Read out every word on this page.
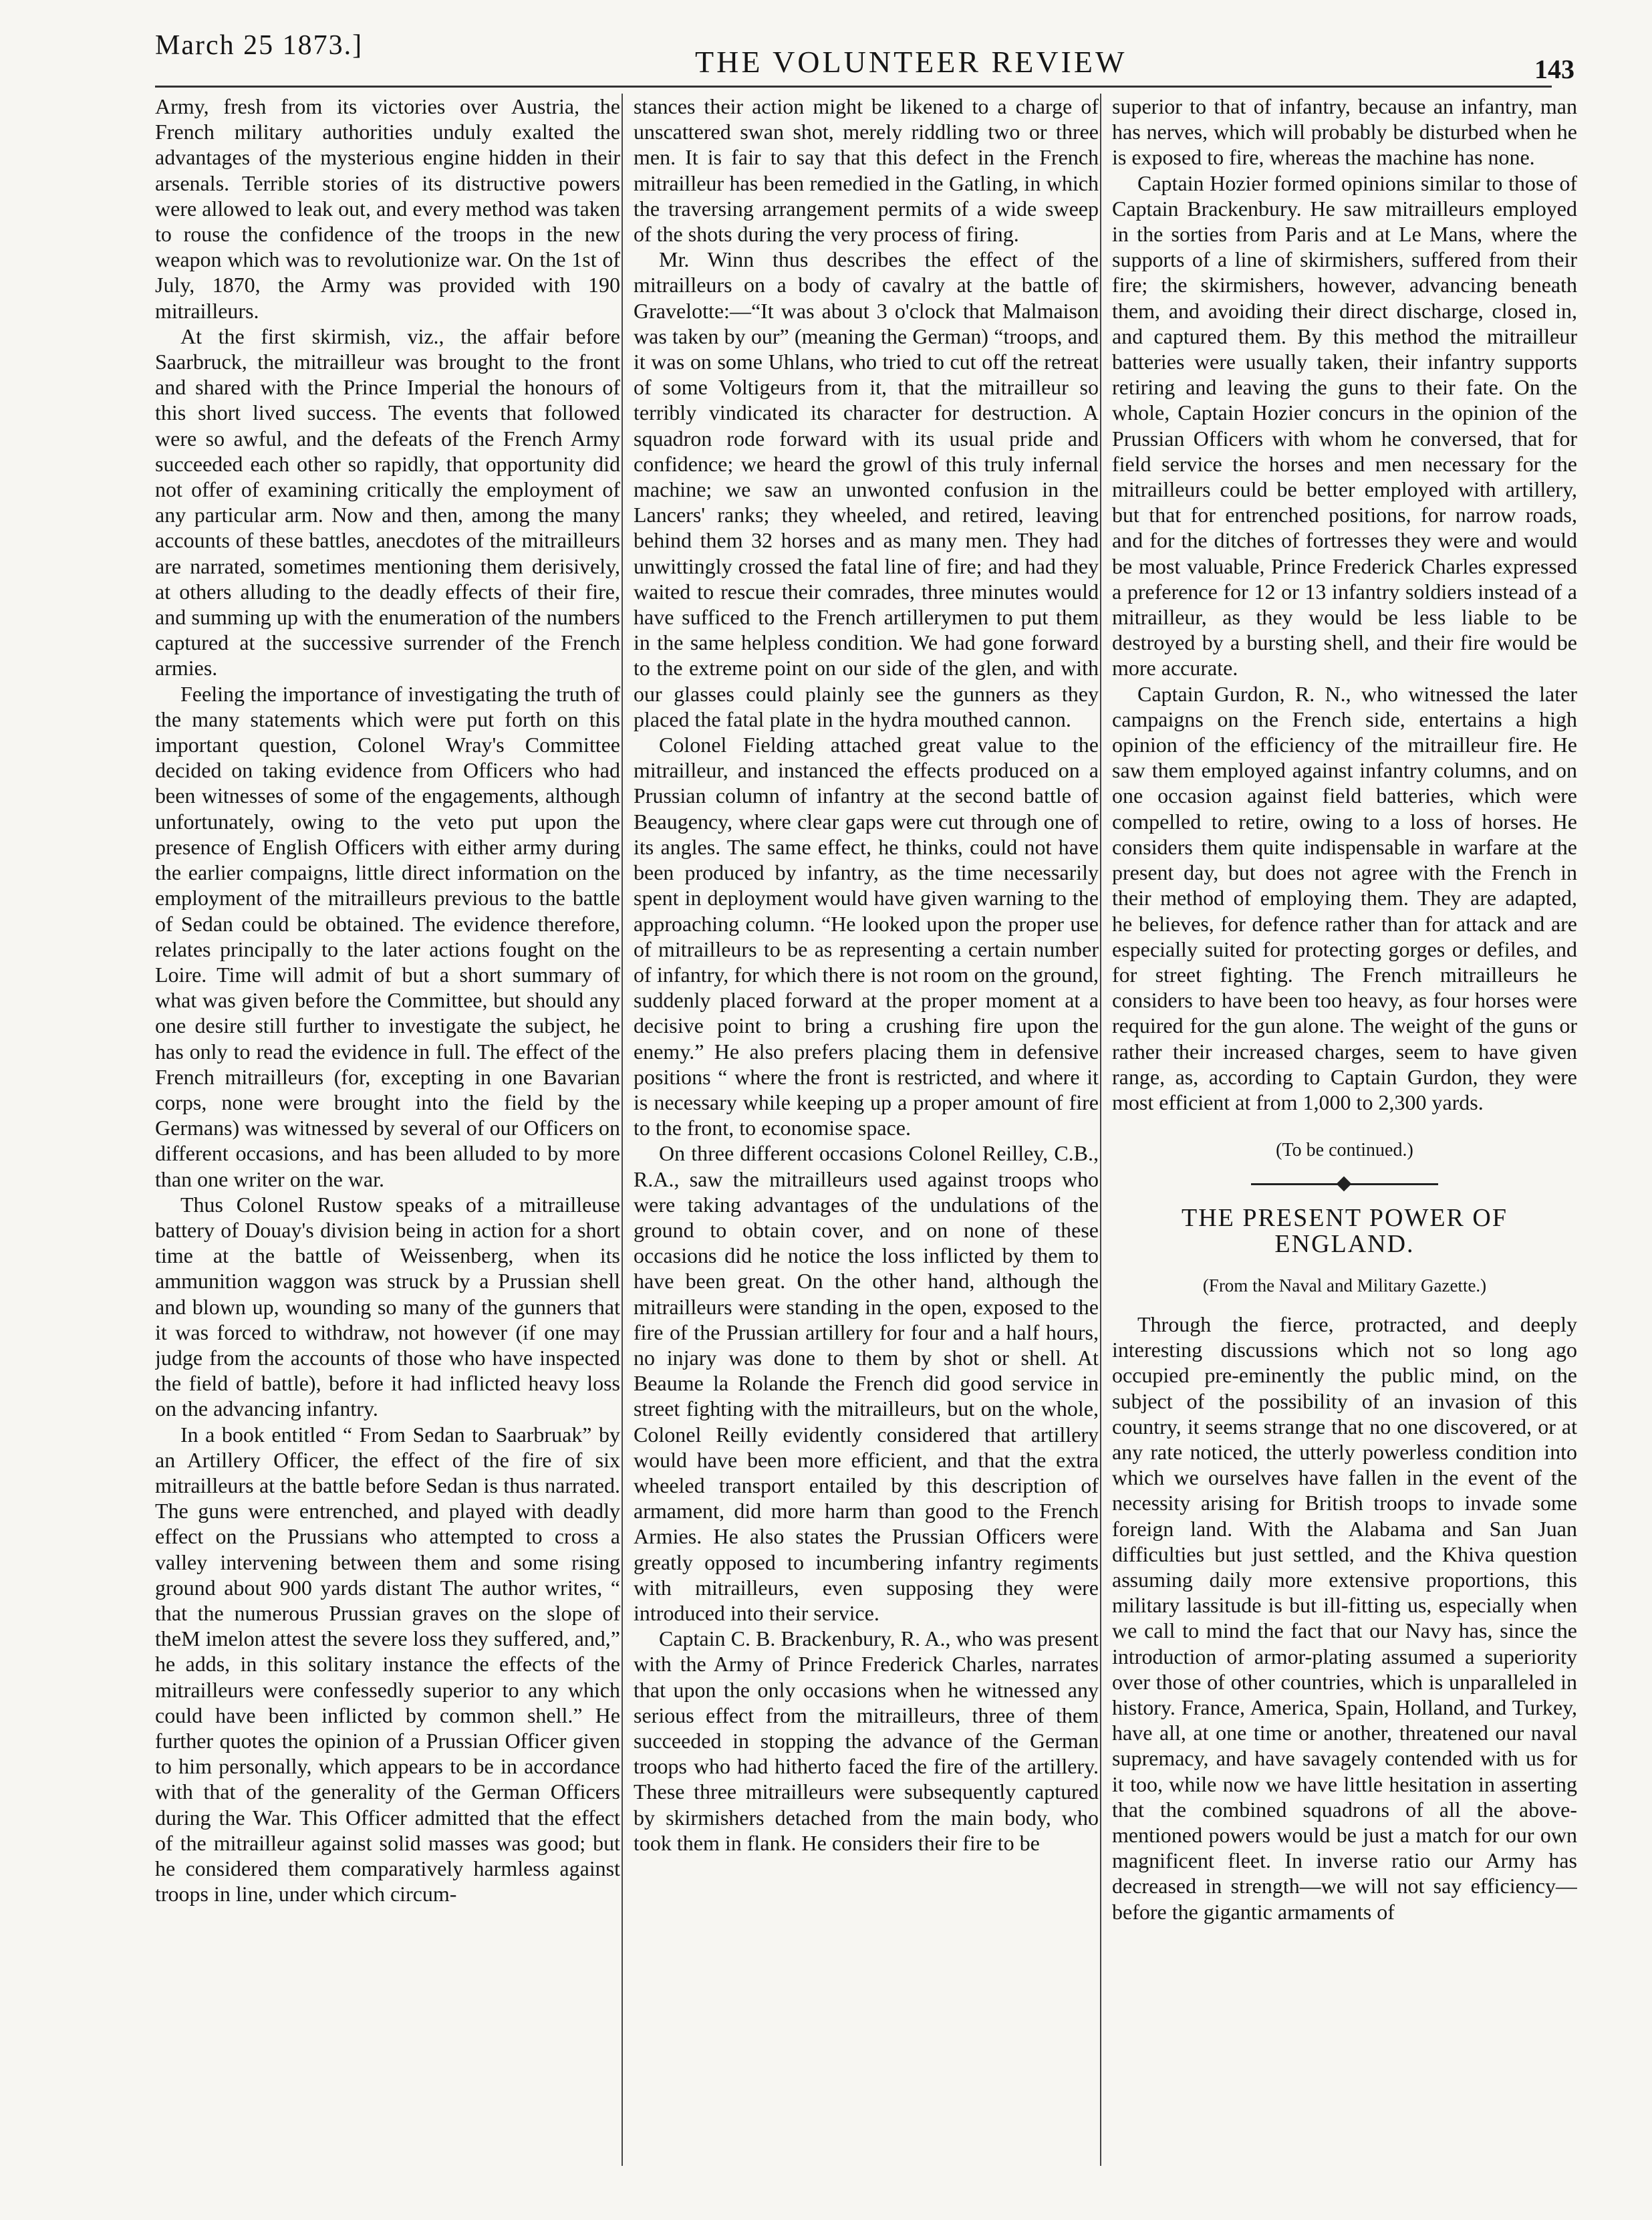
March 25 1873.]	THE VOLUNTEER REVIEW	143

Army, fresh from its victories over Austria, the French military authorities unduly exalted the advantages of the mysterious engine hidden in their arsenals. Terrible stories of its distructive powers were allowed to leak out, and every method was taken to rouse the confidence of the troops in the new weapon which was to revolutionize war. On the 1st of July, 1870, the Army was provided with 190 mitrailleurs.

At the first skirmish, viz., the affair before Saarbruck, the mitrailleur was brought to the front and shared with the Prince Imperial the honours of this short lived success. The events that followed were so awful, and the defeats of the French Army succeeded each other so rapidly, that opportunity did not offer of examining critically the employment of any particular arm. Now and then, among the many accounts of these battles, anecdotes of the mitrailleurs are narrated, sometimes mentioning them derisively, at others alluding to the deadly effects of their fire, and summing up with the enumeration of the numbers captured at the successive surrender of the French armies.

Feeling the importance of investigating the truth of the many statements which were put forth on this important question, Colonel Wray's Committee decided on taking evidence from Officers who had been witnesses of some of the engagements, although unfortunately, owing to the veto put upon the presence of English Officers with either army during the earlier compaigns, little direct information on the employment of the mitrailleurs previous to the battle of Sedan could be obtained. The evidence therefore, relates principally to the later actions fought on the Loire. Time will admit of but a short summary of what was given before the Committee, but should any one desire still further to investigate the subject, he has only to read the evidence in full. The effect of the French mitrailleurs (for, excepting in one Bavarian corps, none were brought into the field by the Germans) was witnessed by several of our Officers on different occasions, and has been alluded to by more than one writer on the war.

Thus Colonel Rustow speaks of a mitrailleuse battery of Douay's division being in action for a short time at the battle of Weissenberg, when its ammunition waggon was struck by a Prussian shell and blown up, wounding so many of the gunners that it was forced to withdraw, not however (if one may judge from the accounts of those who have inspected the field of battle), before it had inflicted heavy loss on the advancing infantry.

In a book entitled “ From Sedan to Saarbruak” by an Artillery Officer, the effect of the fire of six mitrailleurs at the battle before Sedan is thus narrated. The guns were entrenched, and played with deadly effect on the Prussians who attempted to cross a valley intervening between them and some rising ground about 900 yards distant The author writes, “ that the numerous Prussian graves on the slope of theM imelon attest the severe loss they suffered, and,” he adds, in this solitary instance the effects of the mitrailleurs were confessedly superior to any which could have been inflicted by common shell.” He further quotes the opinion of a Prussian Officer given to him personally, which appears to be in accordance with that of the generality of the German Officers during the War. This Officer admitted that the effect of the mitrailleur against solid masses was good; but he considered them comparatively harmless against troops in line, under which circum-

stances their action might be likened to a charge of unscattered swan shot, merely riddling two or three men. It is fair to say that this defect in the French mitrailleur has been remedied in the Gatling, in which the traversing arrangement permits of a wide sweep of the shots during the very process of firing.

Mr. Winn thus describes the effect of the mitrailleurs on a body of cavalry at the battle of Gravelotte:—“It was about 3 o'clock that Malmaison was taken by our” (meaning the German) “troops, and it was on some Uhlans, who tried to cut off the retreat of some Voltigeurs from it, that the mitrailleur so terribly vindicated its character for destruction. A squadron rode forward with its usual pride and confidence; we heard the growl of this truly infernal machine; we saw an unwonted confusion in the Lancers' ranks; they wheeled, and retired, leaving behind them 32 horses and as many men. They had unwittingly crossed the fatal line of fire; and had they waited to rescue their comrades, three minutes would have sufficed to the French artillerymen to put them in the same helpless condition. We had gone forward to the extreme point on our side of the glen, and with our glasses could plainly see the gunners as they placed the fatal plate in the hydra mouthed cannon.

Colonel Fielding attached great value to the mitrailleur, and instanced the effects produced on a Prussian column of infantry at the second battle of Beaugency, where clear gaps were cut through one of its angles. The same effect, he thinks, could not have been produced by infantry, as the time necessarily spent in deployment would have given warning to the approaching column. “He looked upon the proper use of mitrailleurs to be as representing a certain number of infantry, for which there is not room on the ground, suddenly placed forward at the proper moment at a decisive point to bring a crushing fire upon the enemy.” He also prefers placing them in defensive positions “ where the front is restricted, and where it is necessary while keeping up a proper amount of fire to the front, to economise space.

On three different occasions Colonel Reilley, C.B., R.A., saw the mitrailleurs used against troops who were taking advantages of the undulations of the ground to obtain cover, and on none of these occasions did he notice the loss inflicted by them to have been great. On the other hand, although the mitrailleurs were standing in the open, exposed to the fire of the Prussian artillery for four and a half hours, no injary was done to them by shot or shell. At Beaume la Rolande the French did good service in street fighting with the mitrailleurs, but on the whole, Colonel Reilly evidently considered that artillery would have been more efficient, and that the extra wheeled transport entailed by this description of armament, did more harm than good to the French Armies. He also states the Prussian Officers were greatly opposed to incumbering infantry regiments with mitrailleurs, even supposing they were introduced into their service.

Captain C. B. Brackenbury, R. A., who was present with the Army of Prince Frederick Charles, narrates that upon the only occasions when he witnessed any serious effect from the mitrailleurs, three of them succeeded in stopping the advance of the German troops who had hitherto faced the fire of the artillery. These three mitrailleurs were subsequently captured by skirmishers detached from the main body, who took them in flank. He considers their fire to be

superior to that of infantry, because an infantry, man has nerves, which will probably be disturbed when he is exposed to fire, whereas the machine has none.

Captain Hozier formed opinions similar to those of Captain Brackenbury. He saw mitrailleurs employed in the sorties from Paris and at Le Mans, where the supports of a line of skirmishers, suffered from their fire; the skirmishers, however, advancing beneath them, and avoiding their direct discharge, closed in, and captured them. By this method the mitrailleur batteries were usually taken, their infantry supports retiring and leaving the guns to their fate. On the whole, Captain Hozier concurs in the opinion of the Prussian Officers with whom he conversed, that for field service the horses and men necessary for the mitrailleurs could be better employed with artillery, but that for entrenched positions, for narrow roads, and for the ditches of fortresses they were and would be most valuable, Prince Frederick Charles expressed a preference for 12 or 13 infantry soldiers instead of a mitrailleur, as they would be less liable to be destroyed by a bursting shell, and their fire would be more accurate.

Captain Gurdon, R. N., who witnessed the later campaigns on the French side, entertains a high opinion of the efficiency of the mitrailleur fire. He saw them employed against infantry columns, and on one occasion against field batteries, which were compelled to retire, owing to a loss of horses. He considers them quite indispensable in warfare at the present day, but does not agree with the French in their method of employing them. They are adapted, he believes, for defence rather than for attack and are especially suited for protecting gorges or defiles, and for street fighting. The French mitrailleurs he considers to have been too heavy, as four horses were required for the gun alone. The weight of the guns or rather their increased charges, seem to have given range, as, according to Captain Gurdon, they were most efficient at from 1,000 to 2,300 yards.

(To be continued.)

THE PRESENT POWER OF ENGLAND.

(From the Naval and Military Gazette.)

Through the fierce, protracted, and deeply interesting discussions which not so long ago occupied pre-eminently the public mind, on the subject of the possibility of an invasion of this country, it seems strange that no one discovered, or at any rate noticed, the utterly powerless condition into which we ourselves have fallen in the event of the necessity arising for British troops to invade some foreign land. With the Alabama and San Juan difficulties but just settled, and the Khiva question assuming daily more extensive proportions, this military lassitude is but ill-fitting us, especially when we call to mind the fact that our Navy has, since the introduction of armor-plating assumed a superiority over those of other countries, which is unparalleled in history. France, America, Spain, Holland, and Turkey, have all, at one time or another, threatened our naval supremacy, and have savagely contended with us for it too, while now we have little hesitation in asserting that the combined squadrons of all the above-mentioned powers would be just a match for our own magnificent fleet. In inverse ratio our Army has decreased in strength—we will not say efficiency—before the gigantic armaments of
